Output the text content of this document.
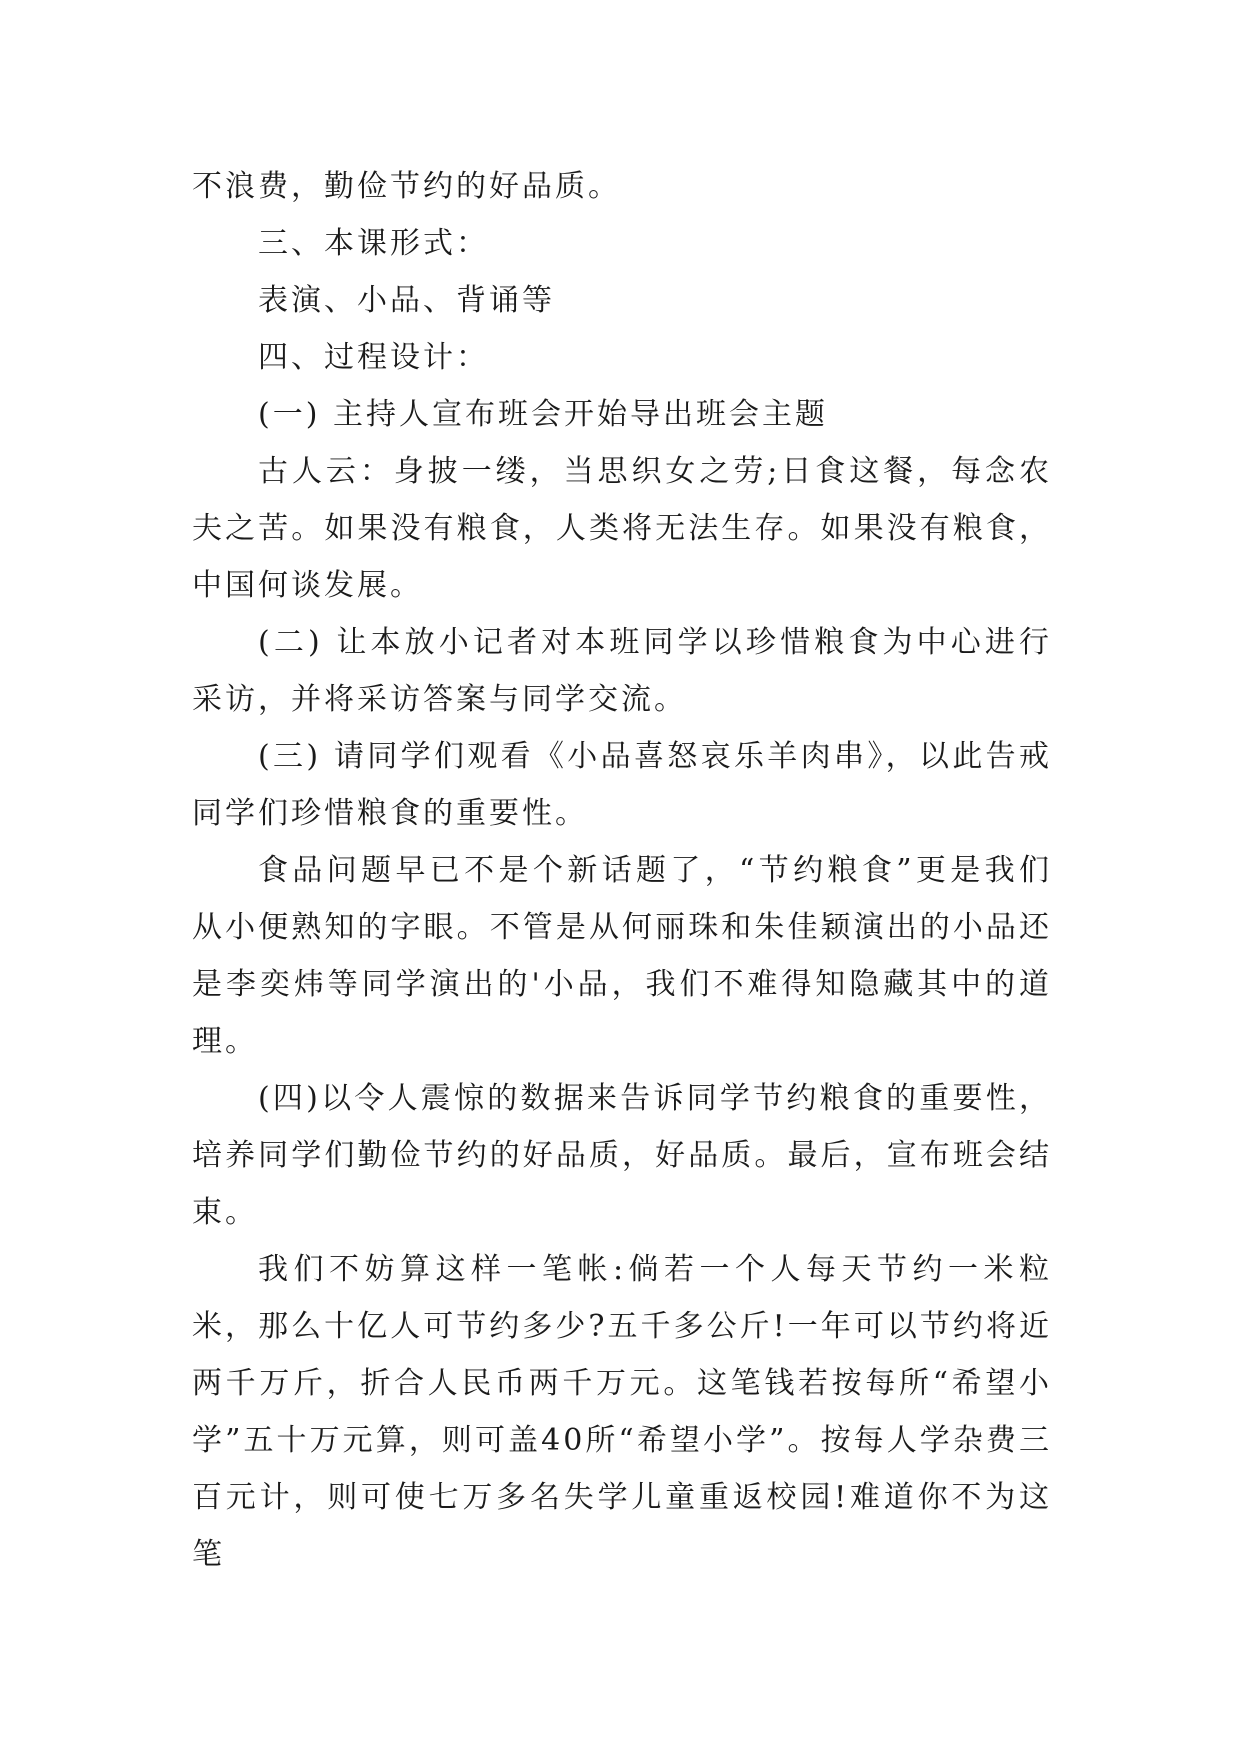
不浪费，勤俭节约的好品质。

三、本课形式：

表演、小品、背诵等

四、过程设计：

(一) 主持人宣布班会开始导出班会主题

古人云：身披一缕，当思织女之劳;日食这餐，每念农夫之苦。如果没有粮食，人类将无法生存。如果没有粮食，中国何谈发展。

(二) 让本放小记者对本班同学以珍惜粮食为中心进行采访，并将采访答案与同学交流。

(三) 请同学们观看《小品喜怒哀乐羊肉串》，以此告戒同学们珍惜粮食的重要性。

食品问题早已不是个新话题了，“节约粮食”更是我们从小便熟知的字眼。不管是从何丽珠和朱佳颖演出的小品还是李奕炜等同学演出的'小品，我们不难得知隐藏其中的道理。

(四)以令人震惊的数据来告诉同学节约粮食的重要性，培养同学们勤俭节约的好品质，好品质。最后，宣布班会结束。

我们不妨算这样一笔帐:倘若一个人每天节约一米粒米，那么十亿人可节约多少?五千多公斤!一年可以节约将近两千万斤，折合人民币两千万元。这笔钱若按每所“希望小学”五十万元算，则可盖40所“希望小学”。按每人学杂费三百元计，则可使七万多名失学儿童重返校园!难道你不为这笔
